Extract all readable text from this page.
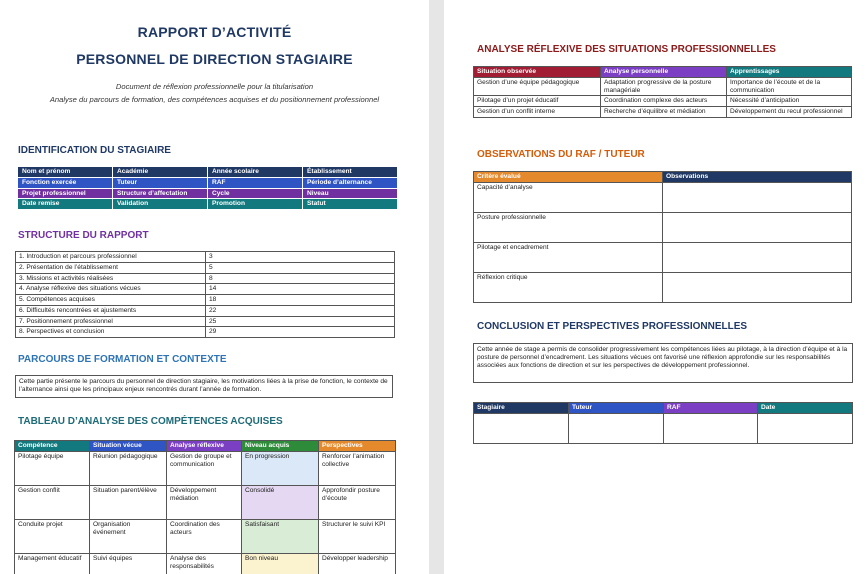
RAPPORT D’ACTIVITÉ
PERSONNEL DE DIRECTION STAGIAIRE
Document de réflexion professionnelle pour la titularisation
Analyse du parcours de formation, des compétences acquises et du positionnement professionnel
IDENTIFICATION DU STAGIAIRE
Nom et prénom	Académie	Année scolaire	Établissement
Fonction exercée	Tuteur	RAF	Période d’alternance
Projet professionnel	Structure d’affectation	Cycle	Niveau
Date remise	Validation	Promotion	Statut
STRUCTURE DU RAPPORT
1. Introduction et parcours professionnel	3
2. Présentation de l’établissement	5
3. Missions et activités réalisées	8
4. Analyse réflexive des situations vécues	14
5. Compétences acquises	18
6. Difficultés rencontrées et ajustements	22
7. Positionnement professionnel	25
8. Perspectives et conclusion	29
PARCOURS DE FORMATION ET CONTEXTE
Cette partie présente le parcours du personnel de direction stagiaire, les motivations liées à la prise de fonction, le contexte de l’alternance ainsi que les principaux enjeux rencontrés durant l’année de formation.
TABLEAU D’ANALYSE DES COMPÉTENCES ACQUISES
Compétence	Situation vécue	Analyse réflexive	Niveau acquis	Perspectives
Pilotage équipe	Réunion pédagogique	Gestion de groupe et communication	En progression	Renforcer l’animation collective
Gestion conflit	Situation parent/élève	Développement médiation	Consolidé	Approfondir posture d’écoute
Conduite projet	Organisation événement	Coordination des acteurs	Satisfaisant	Structurer le suivi KPI
Management éducatif	Suivi équipes	Analyse des responsabilités	Bon niveau	Développer leadership
ANALYSE RÉFLEXIVE DES SITUATIONS PROFESSIONNELLES
Situation observée	Analyse personnelle	Apprentissages
Gestion d’une équipe pédagogique	Adaptation progressive de la posture managériale	Importance de l’écoute et de la communication
Pilotage d’un projet éducatif	Coordination complexe des acteurs	Nécessité d’anticipation
Gestion d’un conflit interne	Recherche d’équilibre et médiation	Développement du recul professionnel
OBSERVATIONS DU RAF / TUTEUR
Critère évalué	Observations
Capacité d’analyse	
Posture professionnelle	
Pilotage et encadrement	
Réflexion critique	
CONCLUSION ET PERSPECTIVES PROFESSIONNELLES
Cette année de stage a permis de consolider progressivement les compétences liées au pilotage, à la direction d’équipe et à la posture de personnel d’encadrement. Les situations vécues ont favorisé une réflexion approfondie sur les responsabilités associées aux fonctions de direction et sur les perspectives de développement professionnel.
Stagiaire	Tuteur	RAF	Date
